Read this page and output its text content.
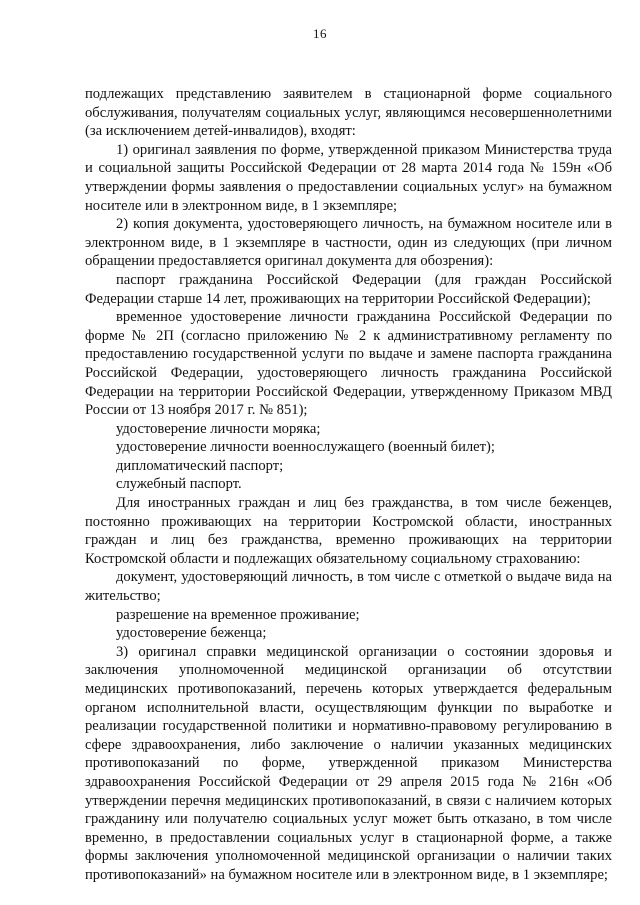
16

подлежащих представлению заявителем в стационарной форме социального обслуживания, получателям социальных услуг, являющимся несовершеннолетними (за исключением детей-инвалидов), входят:

1) оригинал заявления по форме, утвержденной приказом Министерства труда и социальной защиты Российской Федерации от 28 марта 2014 года № 159н «Об утверждении формы заявления о предоставлении социальных услуг» на бумажном носителе или в электронном виде, в 1 экземпляре;

2) копия документа, удостоверяющего личность, на бумажном носителе или в электронном виде, в 1 экземпляре в частности, один из следующих (при личном обращении предоставляется оригинал документа для обозрения):

паспорт гражданина Российской Федерации (для граждан Российской Федерации старше 14 лет, проживающих на территории Российской Федерации);

временное удостоверение личности гражданина Российской Федерации по форме № 2П (согласно приложению № 2 к административному регламенту по предоставлению государственной услуги по выдаче и замене паспорта гражданина Российской Федерации, удостоверяющего личность гражданина Российской Федерации на территории Российской Федерации, утвержденному Приказом МВД России от 13 ноября 2017 г. № 851);

удостоверение личности моряка;

удостоверение личности военнослужащего (военный билет);

дипломатический паспорт;

служебный паспорт.

Для иностранных граждан и лиц без гражданства, в том числе беженцев, постоянно проживающих на территории Костромской области, иностранных граждан и лиц без гражданства, временно проживающих на территории Костромской области и подлежащих обязательному социальному страхованию:

документ, удостоверяющий личность, в том числе с отметкой о выдаче вида на жительство;

разрешение на временное проживание;

удостоверение беженца;

3) оригинал справки медицинской организации о состоянии здоровья и заключения уполномоченной медицинской организации об отсутствии медицинских противопоказаний, перечень которых утверждается федеральным органом исполнительной власти, осуществляющим функции по выработке и реализации государственной политики и нормативно-правовому регулированию в сфере здравоохранения, либо заключение о наличии указанных медицинских противопоказаний по форме, утвержденной приказом Министерства здравоохранения Российской Федерации от 29 апреля 2015 года № 216н «Об утверждении перечня медицинских противопоказаний, в связи с наличием которых гражданину или получателю социальных услуг может быть отказано, в том числе временно, в предоставлении социальных услуг в стационарной форме, а также формы заключения уполномоченной медицинской организации о наличии таких противопоказаний» на бумажном носителе или в электронном виде, в 1 экземпляре;
